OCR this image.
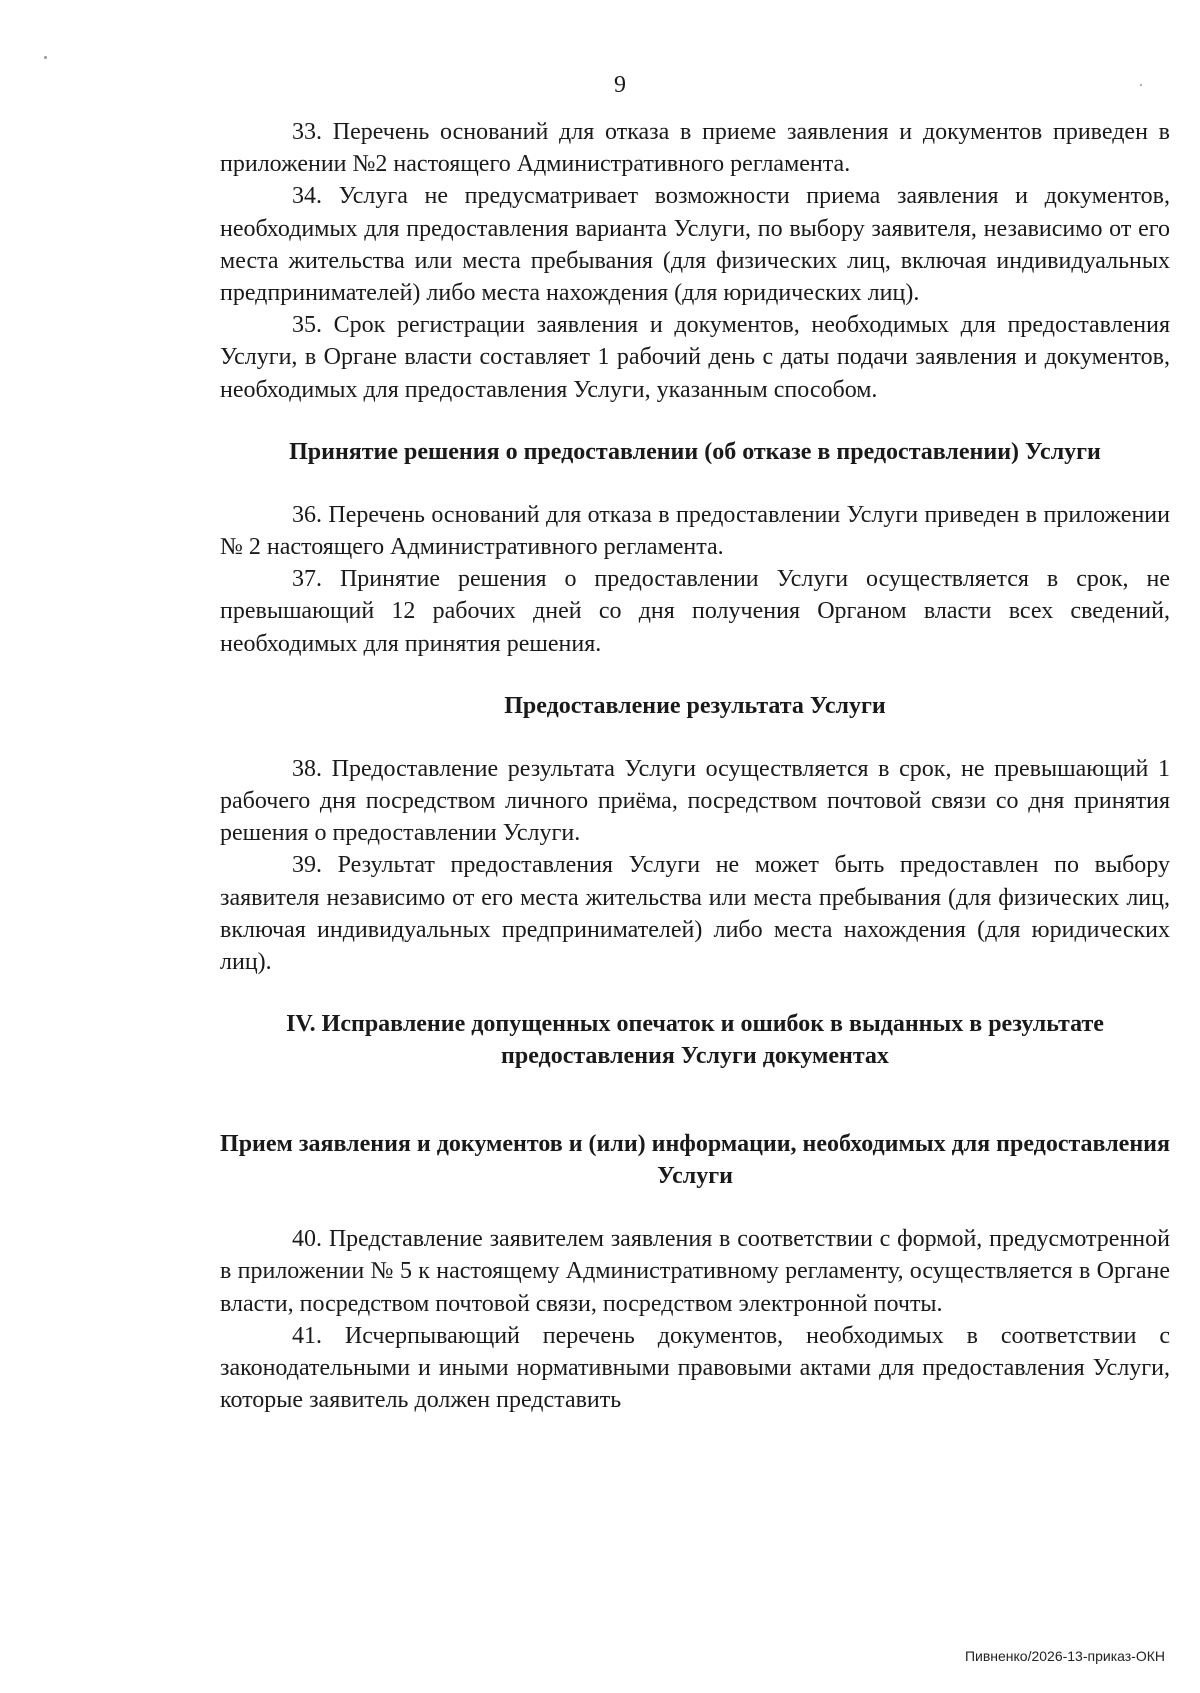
9

33. Перечень оснований для отказа в приеме заявления и документов приведен в приложении №2 настоящего Административного регламента.

34. Услуга не предусматривает возможности приема заявления и документов, необходимых для предоставления варианта Услуги, по выбору заявителя, независимо от его места жительства или места пребывания (для физических лиц, включая индивидуальных предпринимателей) либо места нахождения (для юридических лиц).

35. Срок регистрации заявления и документов, необходимых для предоставления Услуги, в Органе власти составляет 1 рабочий день с даты подачи заявления и документов, необходимых для предоставления Услуги, указанным способом.

Принятие решения о предоставлении (об отказе в предоставлении) Услуги

36. Перечень оснований для отказа в предоставлении Услуги приведен в приложении № 2 настоящего Административного регламента.

37. Принятие решения о предоставлении Услуги осуществляется в срок, не превышающий 12 рабочих дней со дня получения Органом власти всех сведений, необходимых для принятия решения.

Предоставление результата Услуги

38. Предоставление результата Услуги осуществляется в срок, не превышающий 1 рабочего дня посредством личного приёма, посредством почтовой связи со дня принятия решения о предоставлении Услуги.

39. Результат предоставления Услуги не может быть предоставлен по выбору заявителя независимо от его места жительства или места пребывания (для физических лиц, включая индивидуальных предпринимателей) либо места нахождения (для юридических лиц).

IV. Исправление допущенных опечаток и ошибок в выданных в результате предоставления Услуги документах
Прием заявления и документов и (или) информации, необходимых для предоставления Услуги

40. Представление заявителем заявления в соответствии с формой, предусмотренной в приложении № 5 к настоящему Административному регламенту, осуществляется в Органе власти, посредством почтовой связи, посредством электронной почты.

41. Исчерпывающий перечень документов, необходимых в соответствии с законодательными и иными нормативными правовыми актами для предоставления Услуги, которые заявитель должен представить

Пивненко/2026-13-приказ-ОКН
